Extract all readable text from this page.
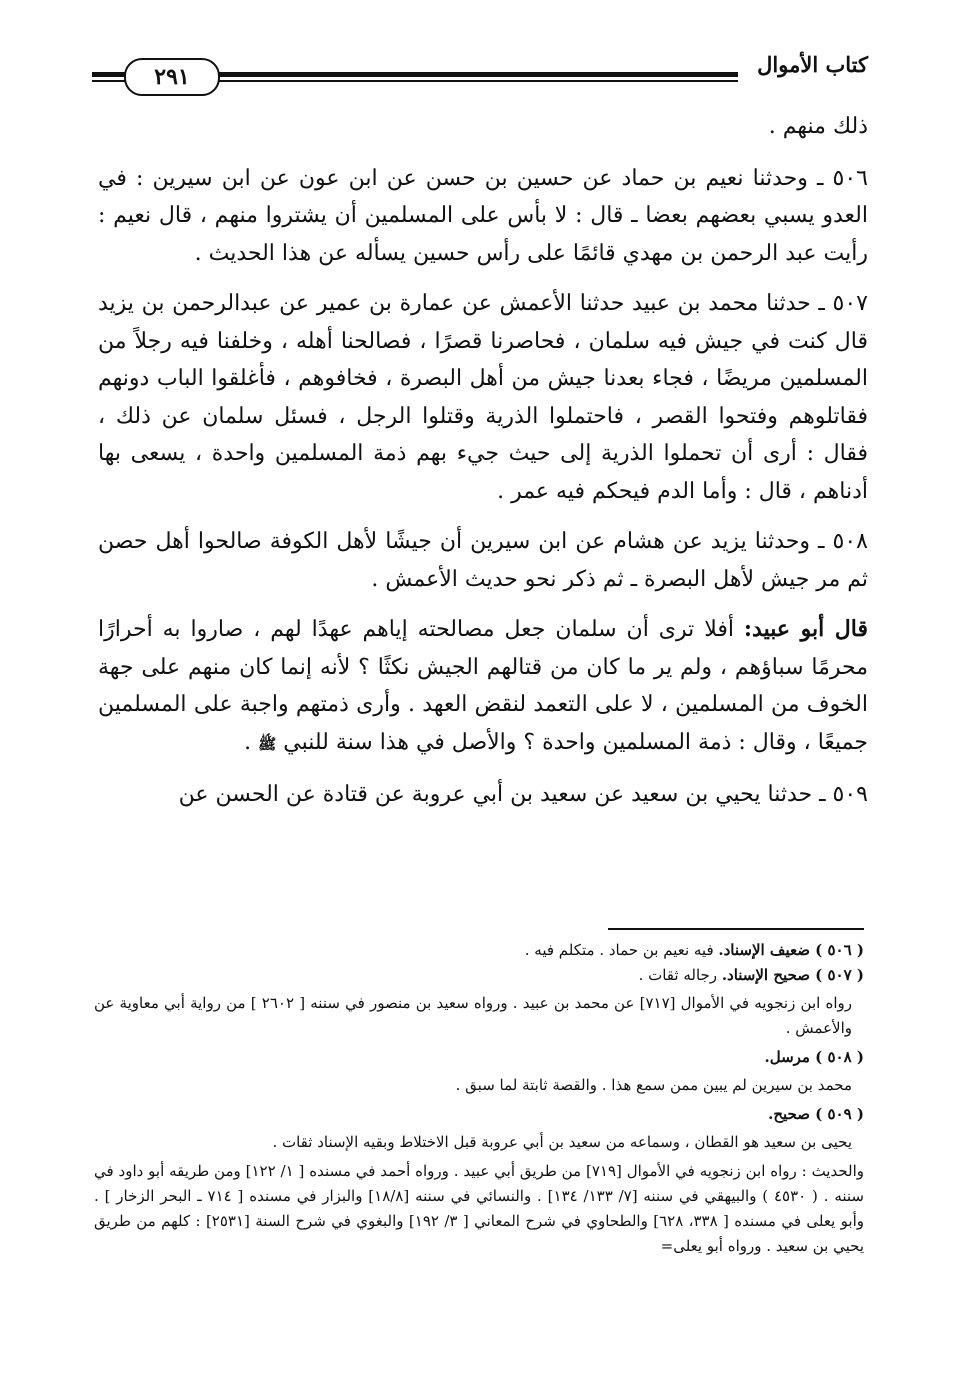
٢٩١	كتاب الأموال

ذلك منهم .

٥٠٦ ـ وحدثنا نعيم بن حماد عن حسين بن حسن عن ابن عون عن ابن سيرين : في العدو يسبي بعضهم بعضا ـ قال : لا بأس على المسلمين أن يشتروا منهم ، قال نعيم : رأيت عبد الرحمن بن مهدي قائمًا على رأس حسين يسأله عن هذا الحديث .

٥٠٧ ـ حدثنا محمد بن عبيد حدثنا الأعمش عن عمارة بن عمير عن عبدالرحمن بن يزيد قال كنت في جيش فيه سلمان ، فحاصرنا قصرًا ، فصالحنا أهله ، وخلفنا فيه رجلاً من المسلمين مريضًا ، فجاء بعدنا جيش من أهل البصرة ، فخافوهم ، فأغلقوا الباب دونهم فقاتلوهم وفتحوا القصر ، فاحتملوا الذرية وقتلوا الرجل ، فسئل سلمان عن ذلك ، فقال : أرى أن تحملوا الذرية إلى حيث جيء بهم ذمة المسلمين واحدة ، يسعى بها أدناهم ، قال : وأما الدم فيحكم فيه عمر .

٥٠٨ ـ وحدثنا يزيد عن هشام عن ابن سيرين أن جيشًا لأهل الكوفة صالحوا أهل حصن ثم مر جيش لأهل البصرة ـ ثم ذكر نحو حديث الأعمش .

قال أبو عبيد: أفلا ترى أن سلمان جعل مصالحته إياهم عهدًا لهم ، صاروا به أحرارًا محرمًا سباؤهم ، ولم ير ما كان من قتالهم الجيش نكثًا ؟ لأنه إنما كان منهم على جهة الخوف من المسلمين ، لا على التعمد لنقض العهد . وأرى ذمتهم واجبة على المسلمين جميعًا ، وقال : ذمة المسلمين واحدة ؟ والأصل في هذا سنة للنبي ﷺ .

٥٠٩ ـ حدثنا يحيي بن سعيد عن سعيد بن أبي عروبة عن قتادة عن الحسن عن

( ٥٠٦ ) ضعيف الإسناد. فيه نعيم بن حماد . متكلم فيه .
( ٥٠٧ ) صحيح الإسناد. رجاله ثقات .
رواه ابن زنجويه في الأموال [٧١٧] عن محمد بن عبيد . ورواه سعيد بن منصور في سننه [ ٢٦٠٢ ] من رواية أبي معاوية عن والأعمش .
( ٥٠٨ ) مرسل.
محمد بن سيرين لم يبين ممن سمع هذا . والقصة ثابتة لما سبق .
( ٥٠٩ ) صحيح.
يحيى بن سعيد هو القطان ، وسماعه من سعيد بن أبي عروبة قبل الاختلاط وبقيه الإسناد ثقات .
والحديث : رواه ابن زنجويه في الأموال [٧١٩] من طريق أبي عبيد . ورواه أحمد في مسنده [ ١/ ١٢٢] ومن طريقه أبو داود في سننه . ( ٤٥٣٠ ) والبيهقي في سننه [٧/ ١٣٣/ ١٣٤] . والنسائي في سننه [١٨/٨] والبزار في مسنده [ ٧١٤ ـ البحر الزخار ] . وأبو يعلى في مسنده [ ٣٣٨، ٦٢٨] والطحاوي في شرح المعاني [ ٣/ ١٩٢] والبغوي في شرح السنة [٢٥٣١] : كلهم من طريق يحيي بن سعيد . ورواه أبو يعلى=
